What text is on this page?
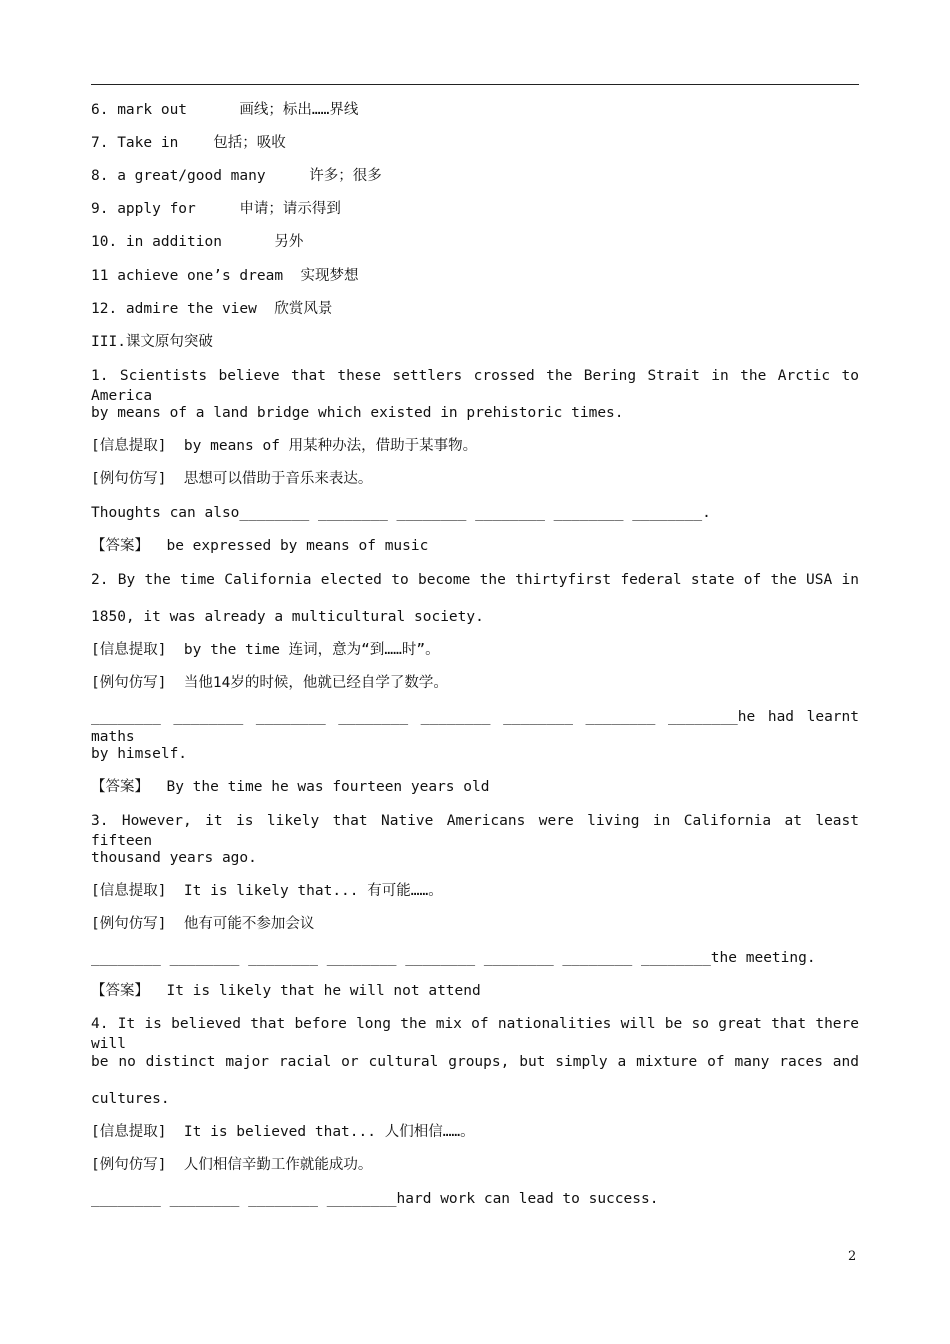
6. mark out      画线；标出……界线
7. Take in    包括；吸收
8. a great/good many     许多；很多
9. apply for     申请；请示得到
10. in addition      另外
11 achieve one’s dream  实现梦想
12. admire the view  欣赏风景
III.课文原句突破
1. Scientists believe that these settlers crossed the Bering Strait in the Arctic to America
by means of a land bridge which existed in prehistoric times.
[信息提取]  by means of 用某种办法，借助于某事物。
[例句仿写]  思想可以借助于音乐来表达。
Thoughts can also________ ________ ________ ________ ________ ________.
【答案】  be expressed by means of music
2. By the time California elected to become the thirtyfirst federal state of the USA in
1850, it was already a multicultural society.
[信息提取]  by the time 连词，意为“到……时”。
[例句仿写]  当他14岁的时候，他就已经自学了数学。
________ ________ ________ ________ ________ ________ ________ ________he had learnt maths
by himself.
【答案】  By the time he was fourteen years old
3. However, it is likely that Native Americans were living in California at least fifteen
thousand years ago.
[信息提取]  It is likely that... 有可能……。
[例句仿写]  他有可能不参加会议
________ ________ ________ ________ ________ ________ ________ ________the meeting.
【答案】  It is likely that he will not attend
4. It is believed that before long the mix of nationalities will be so great that there will
be no distinct major racial or cultural groups, but simply a mixture of many races and
cultures.
[信息提取]  It is believed that... 人们相信……。
[例句仿写]  人们相信辛勤工作就能成功。
________ ________ ________ ________hard work can lead to success.
2
